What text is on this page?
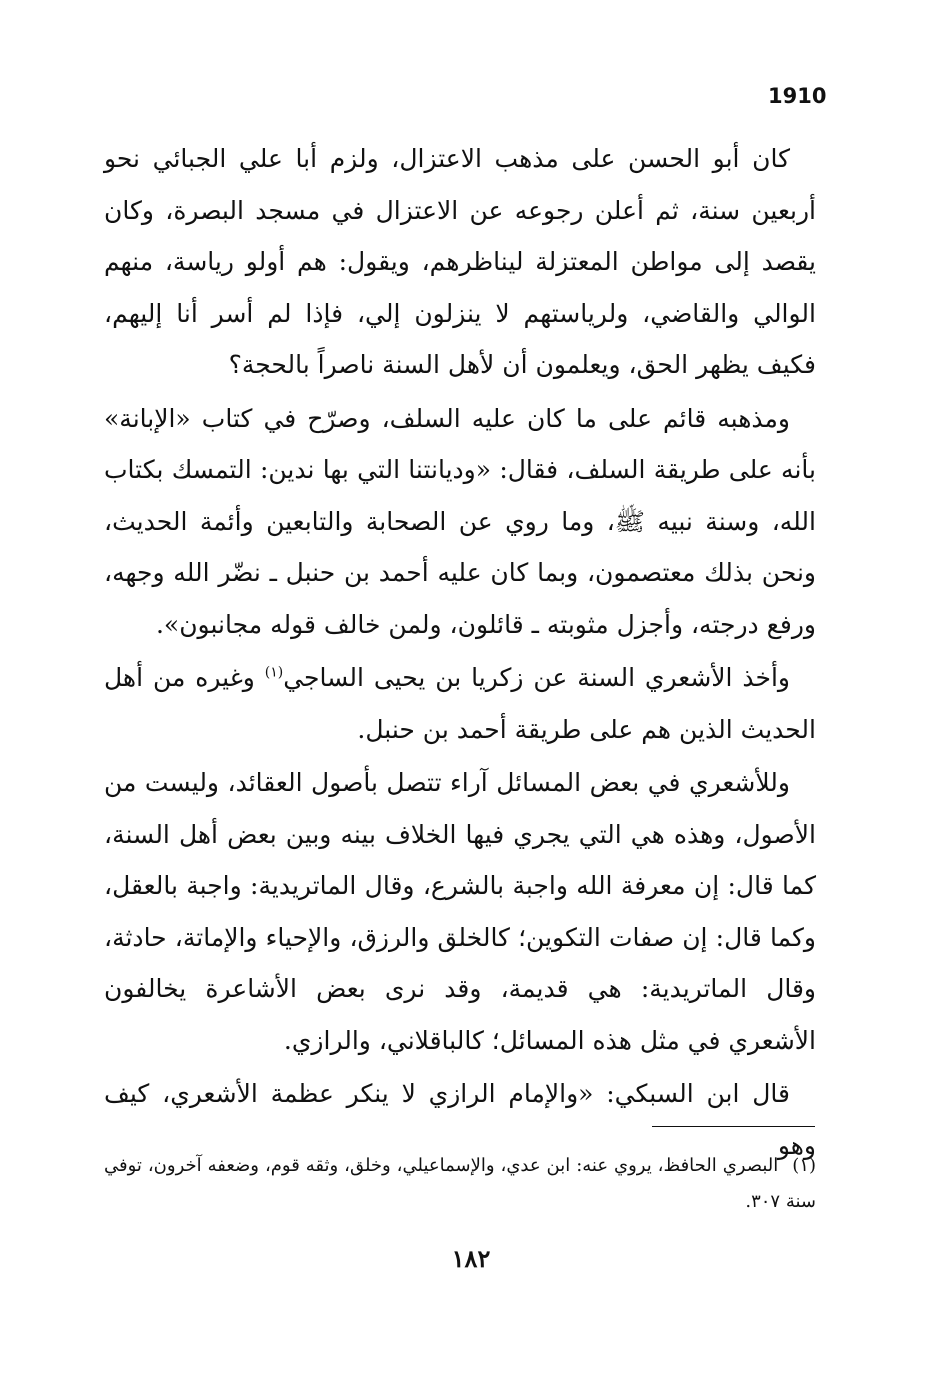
1910

كان أبو الحسن على مذهب الاعتزال، ولزم أبا علي الجبائي نحو أربعين سنة، ثم أعلن رجوعه عن الاعتزال في مسجد البصرة، وكان يقصد إلى مواطن المعتزلة ليناظرهم، ويقول: هم أولو رياسة، منهم الوالي والقاضي، ولرياستهم لا ينزلون إلي، فإذا لم أسر أنا إليهم، فكيف يظهر الحق، ويعلمون أن لأهل السنة ناصراً بالحجة؟

ومذهبه قائم على ما كان عليه السلف، وصرّح في كتاب «الإبانة» بأنه على طريقة السلف، فقال: «وديانتنا التي بها ندين: التمسك بكتاب الله، وسنة نبيه ﷺ، وما روي عن الصحابة والتابعين وأئمة الحديث، ونحن بذلك معتصمون، وبما كان عليه أحمد بن حنبل ـ نضّر الله وجهه، ورفع درجته، وأجزل مثوبته ـ قائلون، ولمن خالف قوله مجانبون».

وأخذ الأشعري السنة عن زكريا بن يحيى الساجي$^{(١)}$ وغيره من أهل الحديث الذين هم على طريقة أحمد بن حنبل.

وللأشعري في بعض المسائل آراء تتصل بأصول العقائد، وليست من الأصول، وهذه هي التي يجري فيها الخلاف بينه وبين بعض أهل السنة، كما قال: إن معرفة الله واجبة بالشرع، وقال الماتريدية: واجبة بالعقل، وكما قال: إن صفات التكوين؛ كالخلق والرزق، والإحياء والإماتة، حادثة، وقال الماتريدية: هي قديمة، وقد نرى بعض الأشاعرة يخالفون الأشعري في مثل هذه المسائل؛ كالباقلاني، والرازي.

قال ابن السبكي: «والإمام الرازي لا ينكر عظمة الأشعري، كيف وهو

(١)البصري الحافظ، يروي عنه: ابن عدي، والإسماعيلي، وخلق، وثقه قوم، وضعفه آخرون، توفي سنة ٣٠٧.

١٨٢
